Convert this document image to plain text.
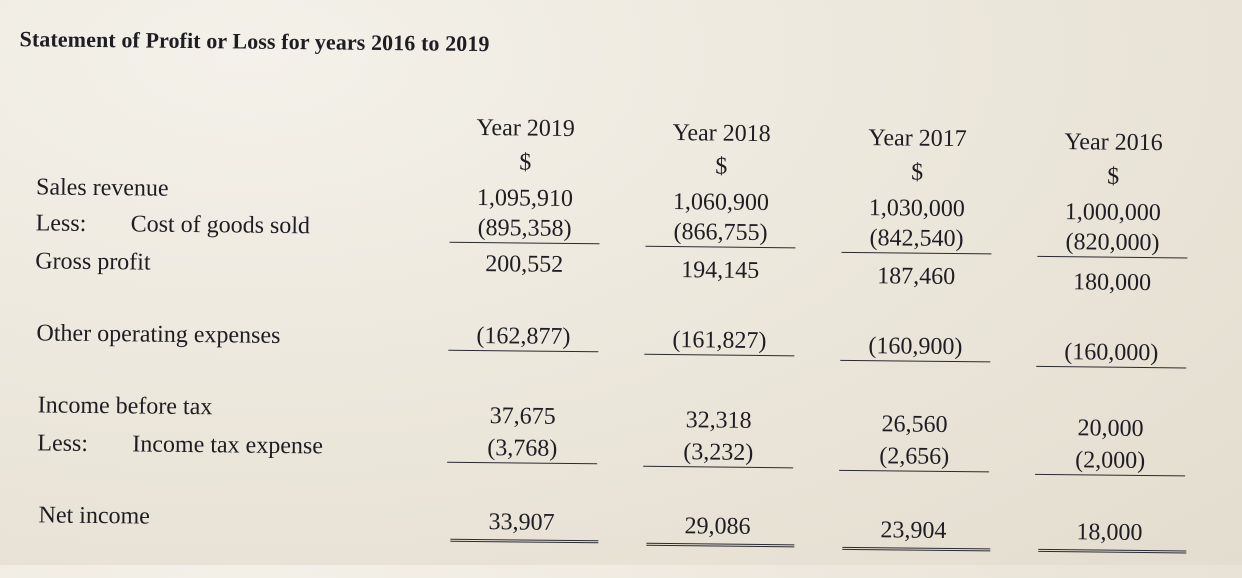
Statement of Profit or Loss for years 2016 to 2019
Sales revenue
Less: Cost of goods sold
Gross profit
Other operating expenses
Income before tax
Less: Income tax expense
Net income
Year 2019
$
1,095,910
(895,358)
200,552
(162,877)
37,675
(3,768)
33,907
Year 2018
$
1,060,900
(866,755)
194,145
(161,827)
32,318
(3,232)
29,086
Year 2017
$
1,030,000
(842,540)
187,460
(160,900)
26,560
(2,656)
23,904
Year 2016
$
1,000,000
(820,000)
180,000
(160,000)
20,000
(2,000)
18,000
